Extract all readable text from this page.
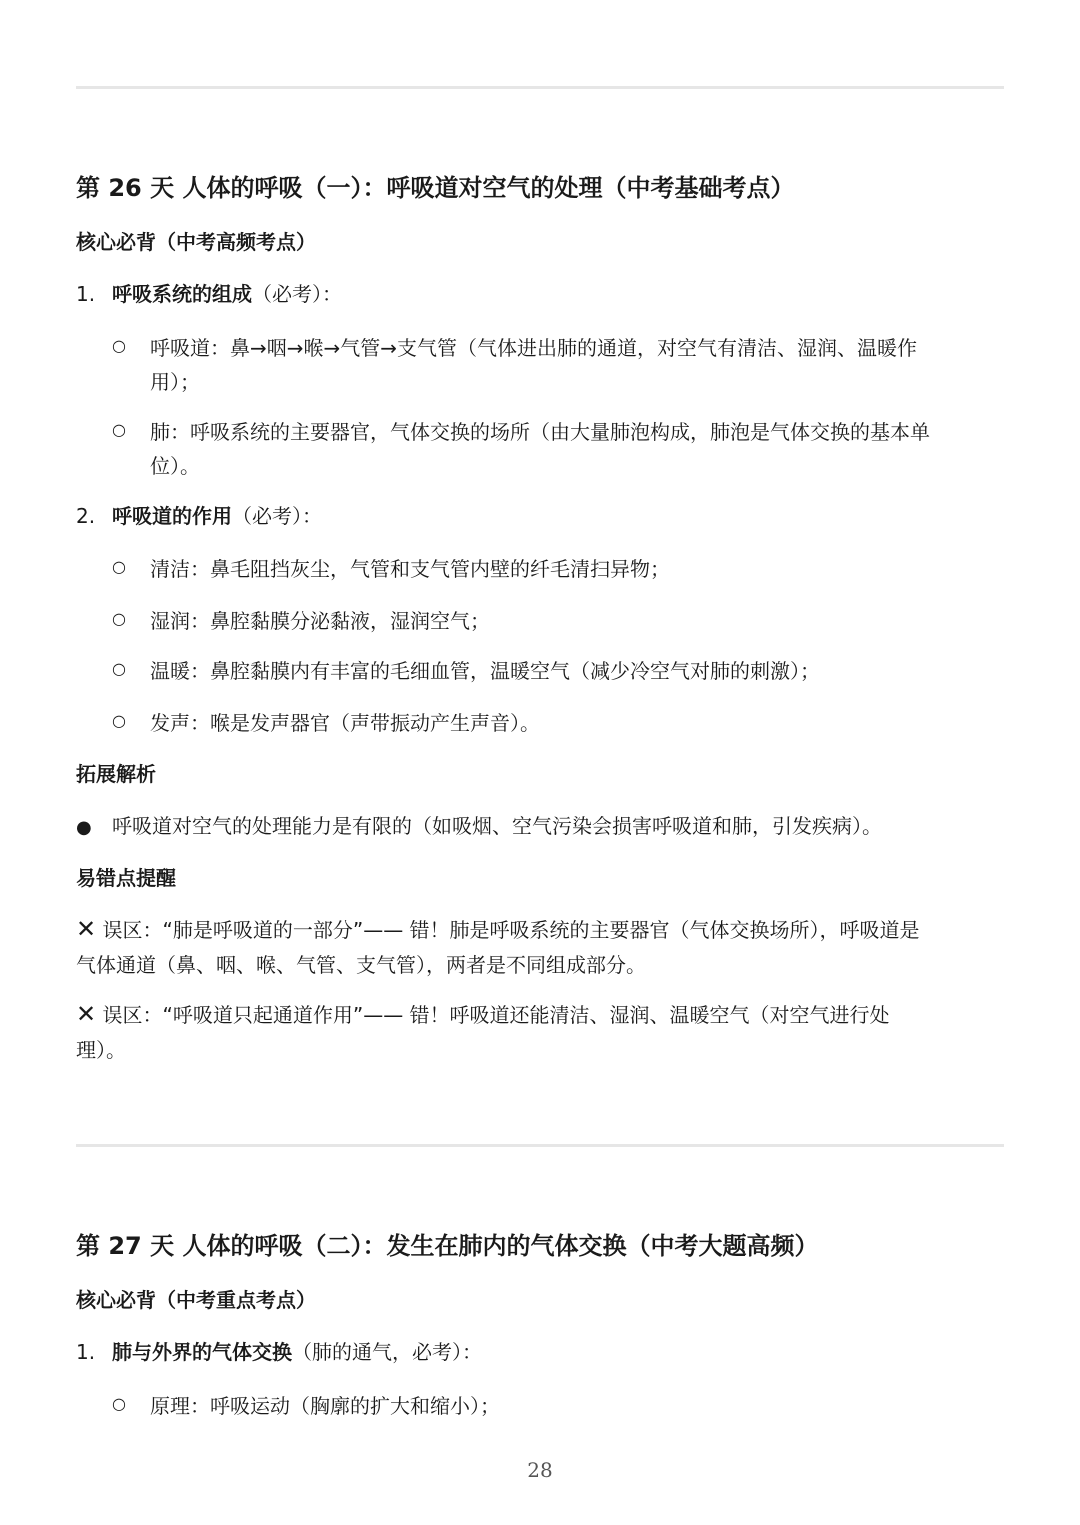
第 26 天 人体的呼吸（一）：呼吸道对空气的处理（中考基础考点）
核心必背（中考高频考点）
1. 呼吸系统的组成（必考）：
○ 呼吸道：鼻→咽→喉→气管→支气管（气体进出肺的通道，对空气有清洁、湿润、温暖作
用）；
○ 肺：呼吸系统的主要器官，气体交换的场所（由大量肺泡构成，肺泡是气体交换的基本单
位）。
2. 呼吸道的作用（必考）：
○ 清洁：鼻毛阻挡灰尘，气管和支气管内壁的纤毛清扫异物；
○ 湿润：鼻腔黏膜分泌黏液，湿润空气；
○ 温暖：鼻腔黏膜内有丰富的毛细血管，温暖空气（减少冷空气对肺的刺激）；
○ 发声：喉是发声器官（声带振动产生声音）。
拓展解析
● 呼吸道对空气的处理能力是有限的（如吸烟、空气污染会损害呼吸道和肺，引发疾病）。
易错点提醒
✕ 误区：“肺是呼吸道的一部分”—— 错！肺是呼吸系统的主要器官（气体交换场所），呼吸道是
气体通道（鼻、咽、喉、气管、支气管），两者是不同组成部分。
✕ 误区：“呼吸道只起通道作用”—— 错！呼吸道还能清洁、湿润、温暖空气（对空气进行处
理）。
第 27 天 人体的呼吸（二）：发生在肺内的气体交换（中考大题高频）
核心必背（中考重点考点）
1. 肺与外界的气体交换（肺的通气，必考）：
○ 原理：呼吸运动（胸廓的扩大和缩小）；
28
